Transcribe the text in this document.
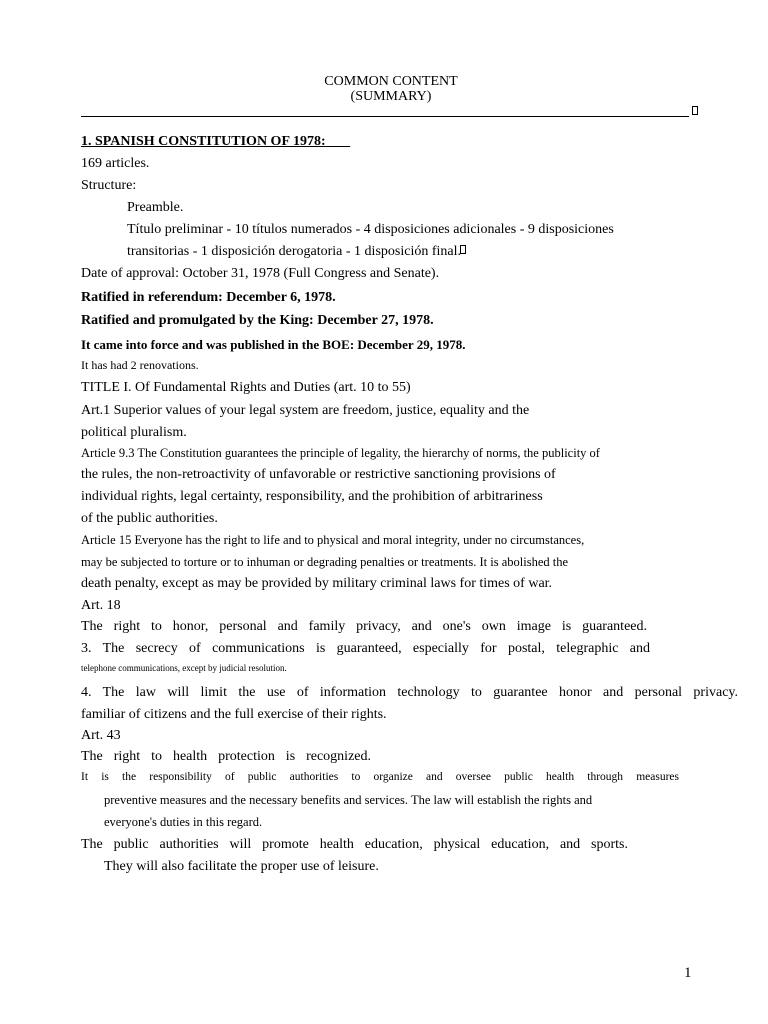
COMMON CONTENT
(SUMMARY)
1. SPANISH CONSTITUTION OF 1978:
169 articles.
Structure:
Preamble.
Título preliminar - 10 títulos numerados - 4 disposiciones adicionales - 9 disposiciones
transitorias - 1 disposición derogatoria - 1 disposición final.
Date of approval: October 31, 1978 (Full Congress and Senate).
Ratified in referendum: December 6, 1978.
Ratified and promulgated by the King: December 27, 1978.
It came into force and was published in the BOE: December 29, 1978.
It has had 2 renovations.
TITLE I. Of Fundamental Rights and Duties (art. 10 to 55)
Art.1 Superior values of your legal system are freedom, justice, equality and the
political pluralism.
Article 9.3 The Constitution guarantees the principle of legality, the hierarchy of norms, the publicity of
the rules, the non-retroactivity of unfavorable or restrictive sanctioning provisions of
individual rights, legal certainty, responsibility, and the prohibition of arbitrariness
of the public authorities.
Article 15 Everyone has the right to life and to physical and moral integrity, under no circumstances,
may be subjected to torture or to inhuman or degrading penalties or treatments. It is abolished the
death penalty, except as may be provided by military criminal laws for times of war.
Art. 18
The right to honor, personal and family privacy, and one's own image is guaranteed.
3. The secrecy of communications is guaranteed, especially for postal, telegraphic and
telephone communications, except by judicial resolution.
4. The law will limit the use of information technology to guarantee honor and personal privacy.
familiar of citizens and the full exercise of their rights.
Art. 43
The right to health protection is recognized.
It is the responsibility of public authorities to organize and oversee public health through measures
preventive measures and the necessary benefits and services. The law will establish the rights and
everyone's duties in this regard.
The public authorities will promote health education, physical education, and sports.
They will also facilitate the proper use of leisure.
1
